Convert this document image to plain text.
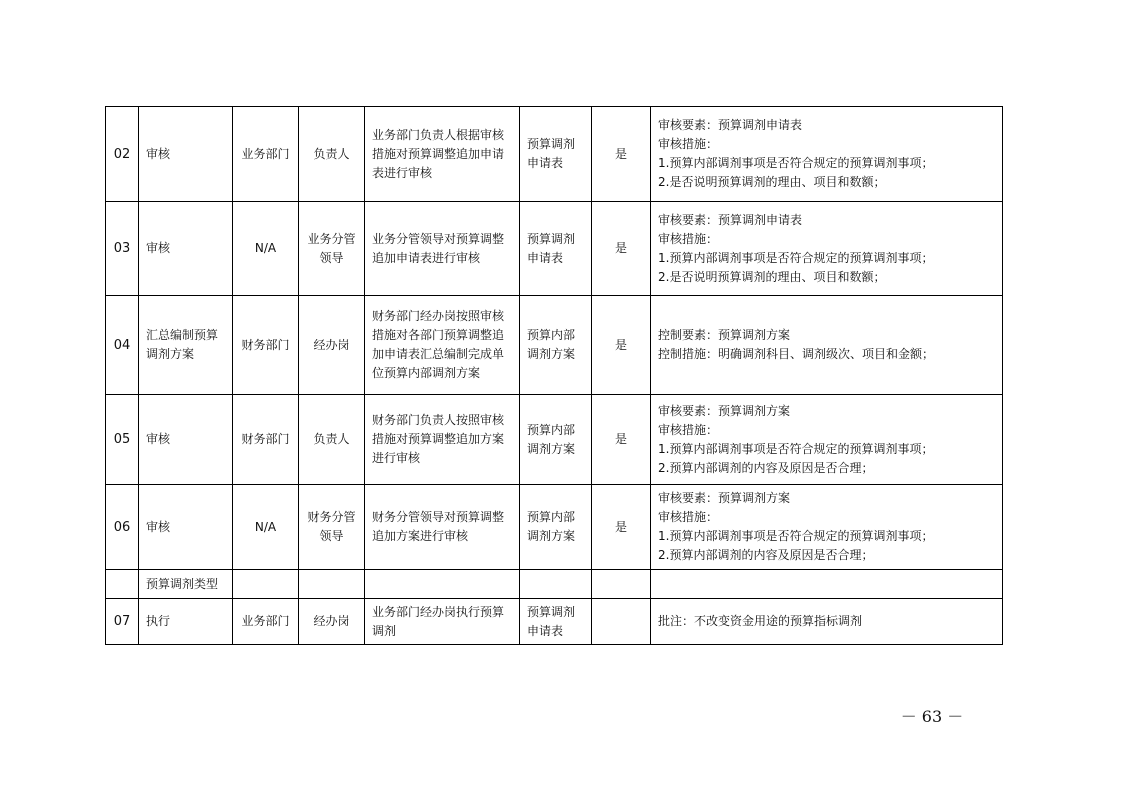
02	审核	业务部门	负责人	业务部门负责人根据审核措施对预算调整追加申请表进行审核	预算调剂申请表	是	审核要素：预算调剂申请表
审核措施：
1.预算内部调剂事项是否符合规定的预算调剂事项；
2.是否说明预算调剂的理由、项目和数额；

03	审核	N/A	业务分管领导	业务分管领导对预算调整追加申请表进行审核	预算调剂申请表	是	审核要素：预算调剂申请表
审核措施：
1.预算内部调剂事项是否符合规定的预算调剂事项；
2.是否说明预算调剂的理由、项目和数额；

04	汇总编制预算调剂方案	财务部门	经办岗	财务部门经办岗按照审核措施对各部门预算调整追加申请表汇总编制完成单位预算内部调剂方案	预算内部调剂方案	是	控制要素：预算调剂方案
控制措施：明确调剂科目、调剂级次、项目和金额；

05	审核	财务部门	负责人	财务部门负责人按照审核措施对预算调整追加方案进行审核	预算内部调剂方案	是	审核要素：预算调剂方案
审核措施：
1.预算内部调剂事项是否符合规定的预算调剂事项；
2.预算内部调剂的内容及原因是否合理；

06	审核	N/A	财务分管领导	财务分管领导对预算调整追加方案进行审核	预算内部调剂方案	是	审核要素：预算调剂方案
审核措施：
1.预算内部调剂事项是否符合规定的预算调剂事项；
2.预算内部调剂的内容及原因是否合理；

	预算调剂类型						

07	执行	业务部门	经办岗	业务部门经办岗执行预算调剂	预算调剂申请表		批注：不改变资金用途的预算指标调剂
－ 63 －
